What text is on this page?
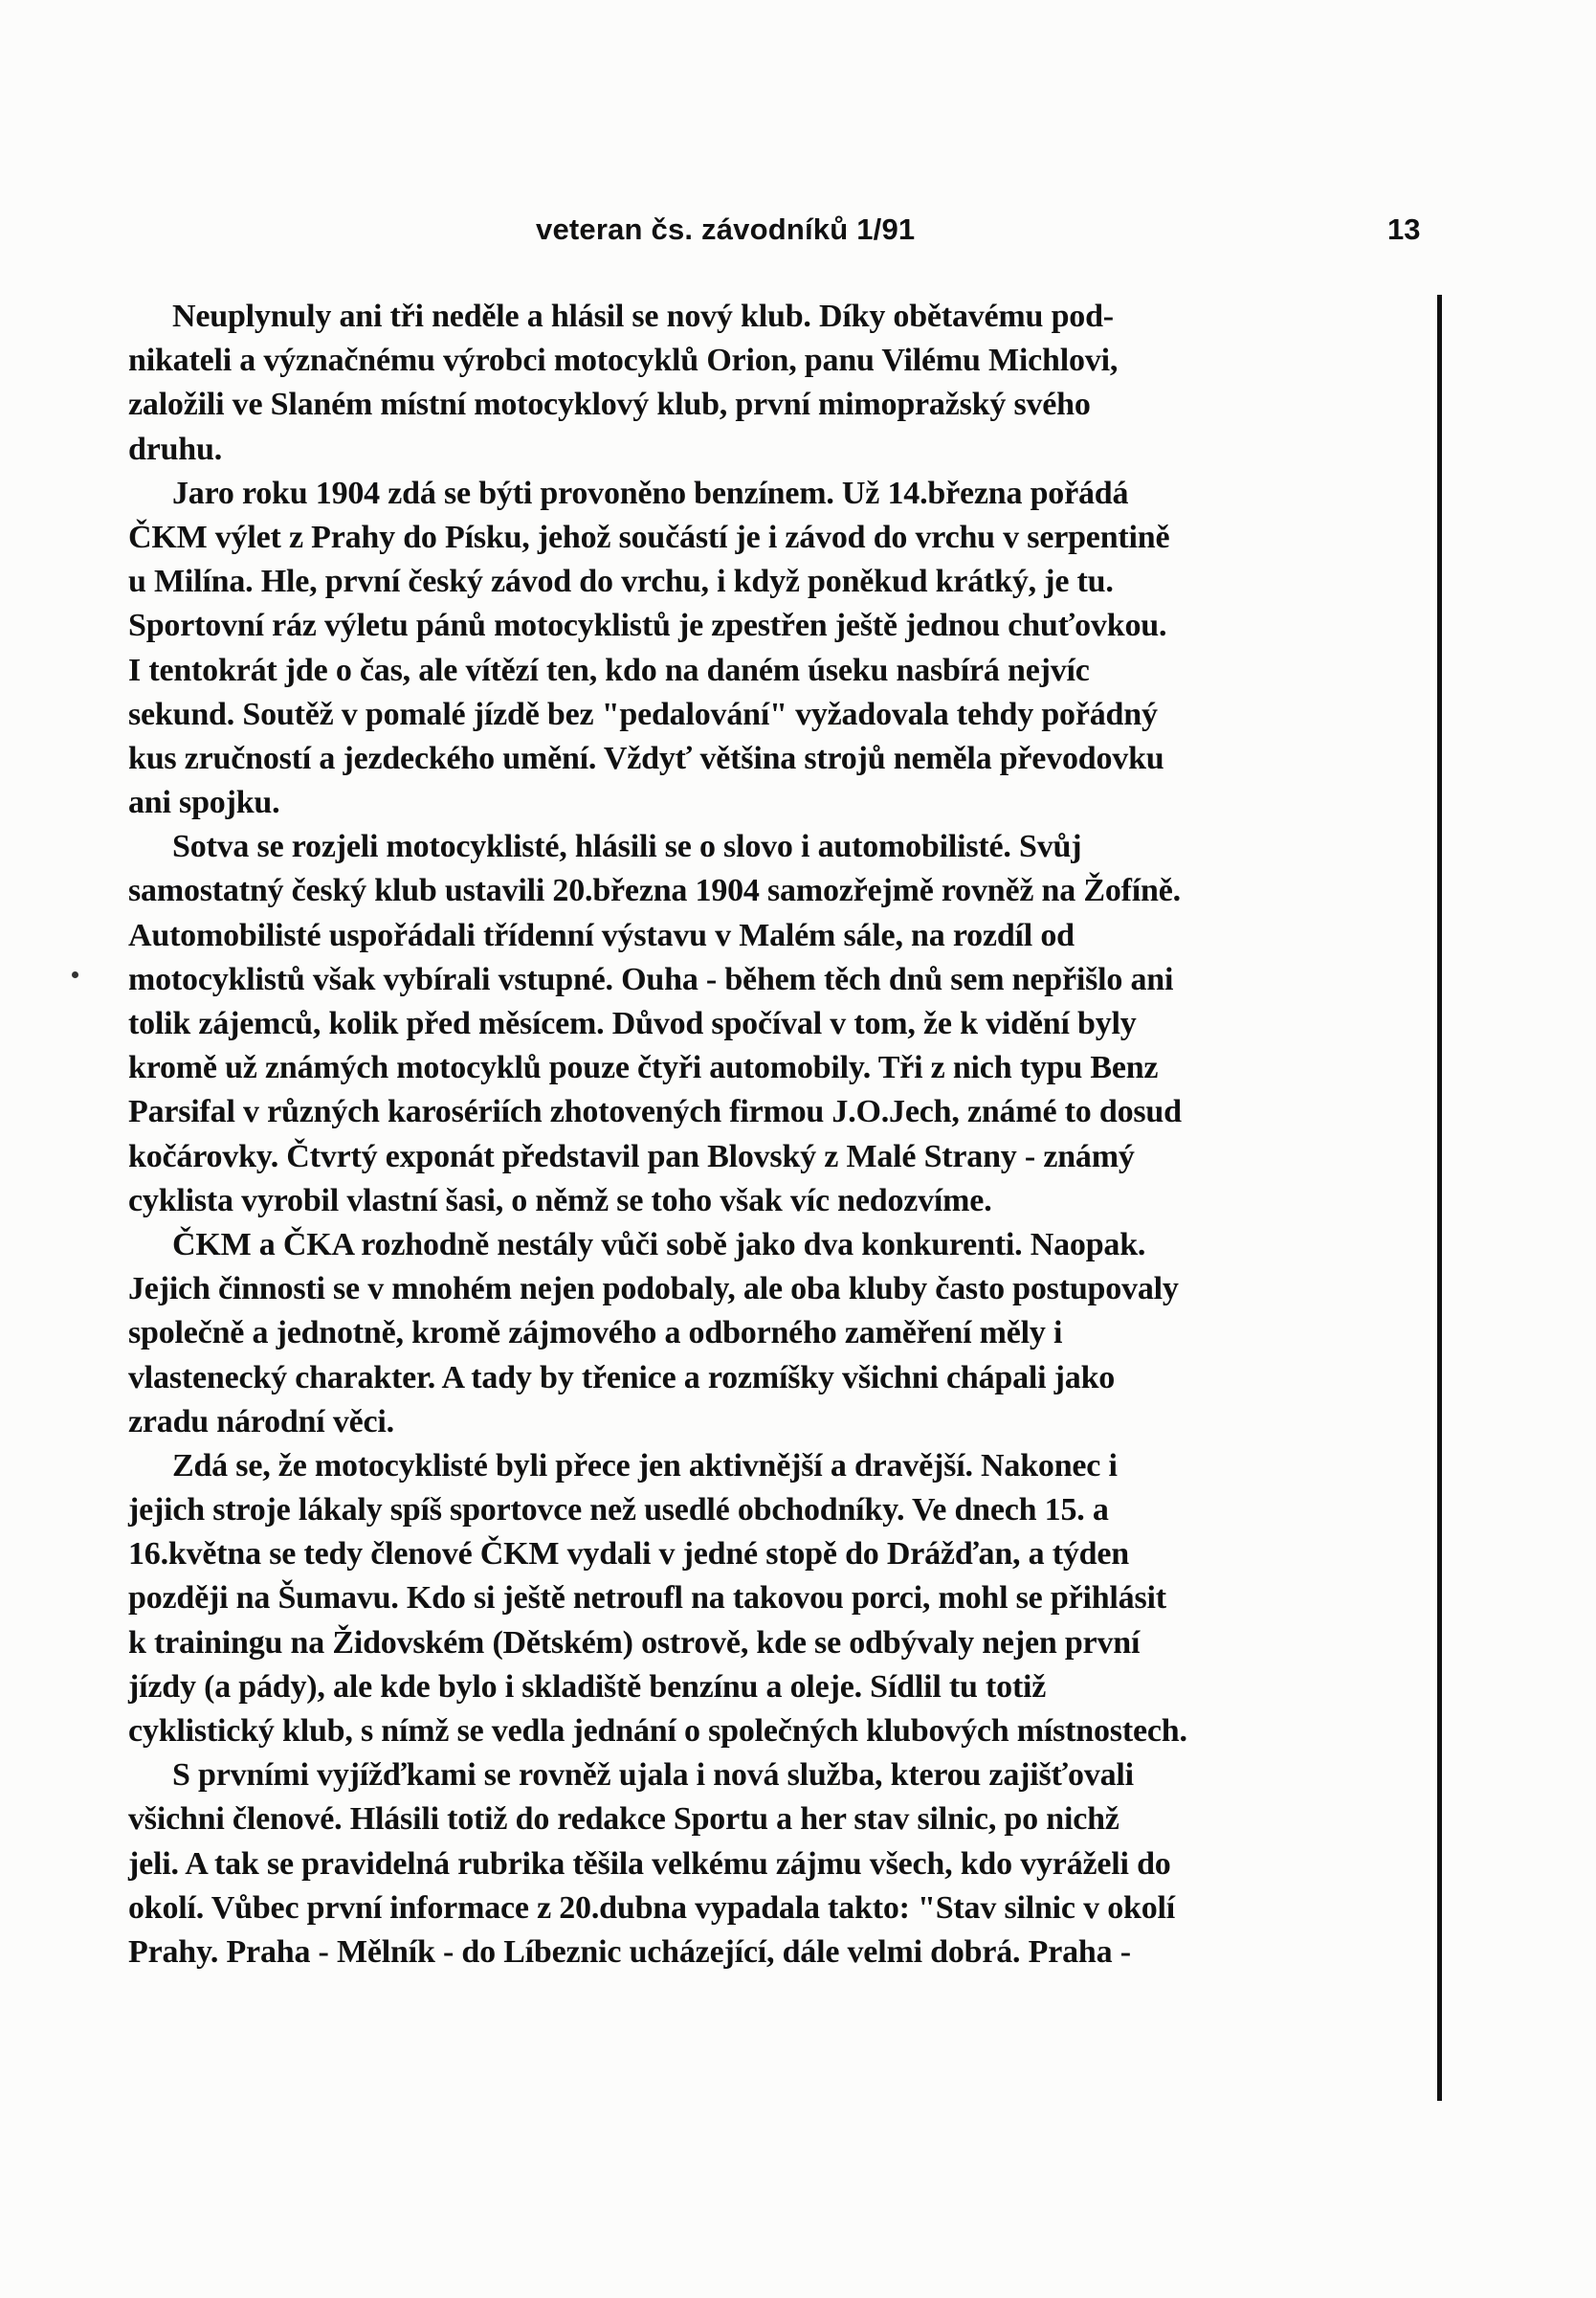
veteran čs. závodníků 1/91	13
Neuplynuly ani tři neděle a hlásil se nový klub. Díky obětavému pod-
nikateli a význačnému výrobci motocyklů Orion, panu Vilému Michlovi,
založili ve Slaném místní motocyklový klub, první mimopražský svého
druhu.
Jaro roku 1904 zdá se býti provoněno benzínem. Už 14.března pořádá
ČKM výlet z Prahy do Písku, jehož součástí je i závod do vrchu v serpentině
u Milína. Hle, první český závod do vrchu, i když poněkud krátký, je tu.
Sportovní ráz výletu pánů motocyklistů je zpestřen ještě jednou chuťovkou.
I tentokrát jde o čas, ale vítězí ten, kdo na daném úseku nasbírá nejvíc
sekund. Soutěž v pomalé jízdě bez "pedalování" vyžadovala tehdy pořádný
kus zručností a jezdeckého umění. Vždyť většina strojů neměla převodovku
ani spojku.
Sotva se rozjeli motocyklisté, hlásili se o slovo i automobilisté. Svůj
samostatný český klub ustavili 20.března 1904 samozřejmě rovněž na Žofíně.
Automobilisté uspořádali třídenní výstavu v Malém sále, na rozdíl od
motocyklistů však vybírali vstupné. Ouha - během těch dnů sem nepřišlo ani
tolik zájemců, kolik před měsícem. Důvod spočíval v tom, že k vidění byly
kromě už známých motocyklů pouze čtyři automobily. Tři z nich typu Benz
Parsifal v různých karosériích zhotovených firmou J.O.Jech, známé to dosud
kočárovky. Čtvrtý exponát představil pan Blovský z Malé Strany - známý
cyklista vyrobil vlastní šasi, o němž se toho však víc nedozvíme.
ČKM a ČKA rozhodně nestály vůči sobě jako dva konkurenti. Naopak.
Jejich činnosti se v mnohém nejen podobaly, ale oba kluby často postupovaly
společně a jednotně, kromě zájmového a odborného zaměření měly i
vlastenecký charakter. A tady by třenice a rozmíšky všichni chápali jako
zradu národní věci.
Zdá se, že motocyklisté byli přece jen aktivnější a dravější. Nakonec i
jejich stroje lákaly spíš sportovce než usedlé obchodníky. Ve dnech 15. a
16.května se tedy členové ČKM vydali v jedné stopě do Drážďan, a týden
později na Šumavu. Kdo si ještě netroufl na takovou porci, mohl se přihlásit
k trainingu na Židovském (Dětském) ostrově, kde se odbývaly nejen první
jízdy (a pády), ale kde bylo i skladiště benzínu a oleje. Sídlil tu totiž
cyklistický klub, s nímž se vedla jednání o společných klubových místnostech.
S prvními vyjížďkami se rovněž ujala i nová služba, kterou zajišťovali
všichni členové. Hlásili totiž do redakce Sportu a her stav silnic, po nichž
jeli. A tak se pravidelná rubrika těšila velkému zájmu všech, kdo vyráželi do
okolí. Vůbec první informace z 20.dubna vypadala takto: "Stav silnic v okolí
Prahy. Praha - Mělník - do Líbeznic ucházející, dále velmi dobrá. Praha -
